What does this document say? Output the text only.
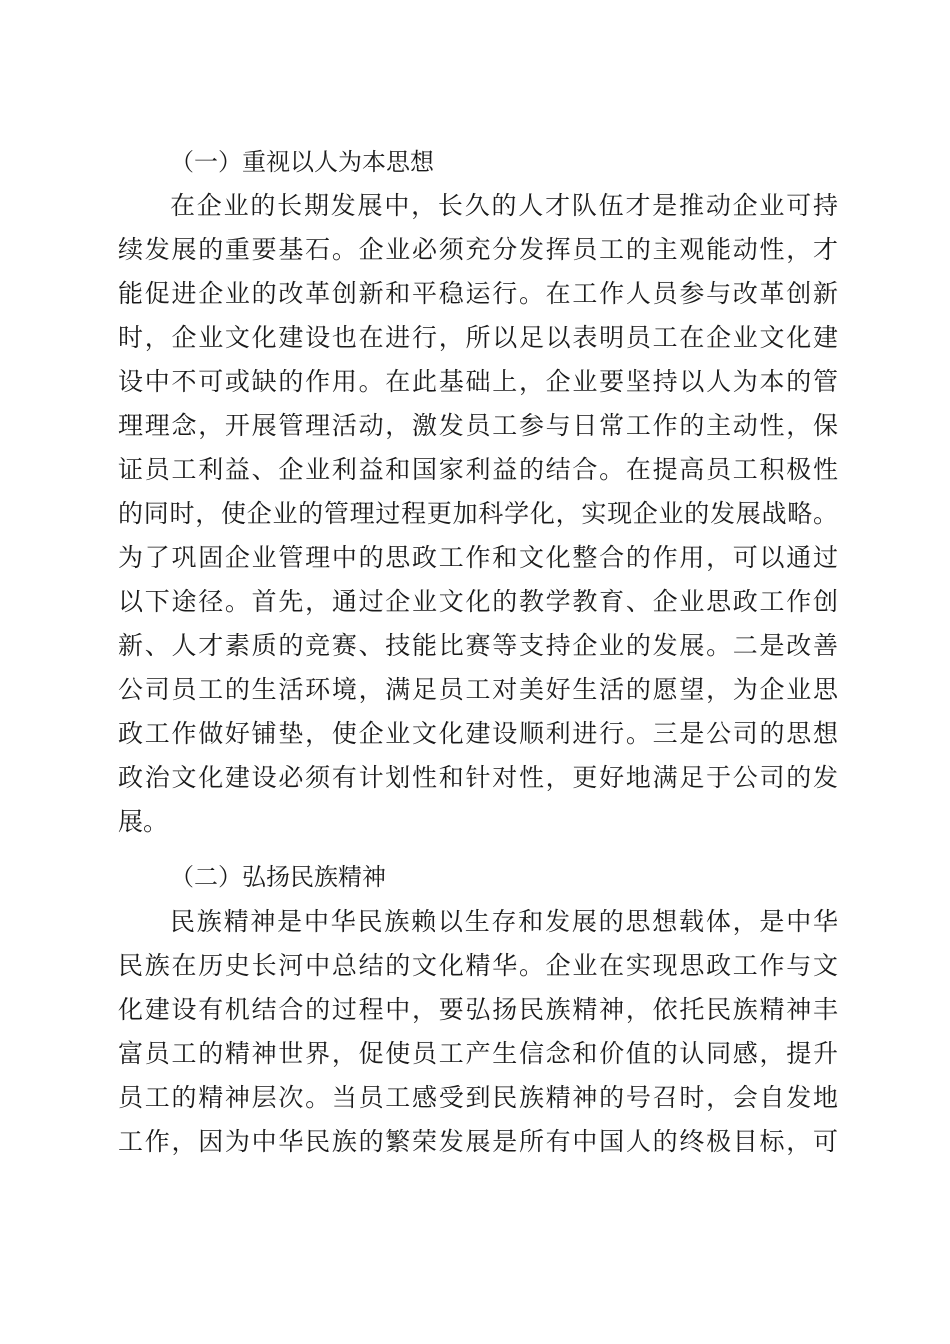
（一）重视以人为本思想
在企业的长期发展中，长久的人才队伍才是推动企业可持
续发展的重要基石。企业必须充分发挥员工的主观能动性，才
能促进企业的改革创新和平稳运行。在工作人员参与改革创新
时，企业文化建设也在进行，所以足以表明员工在企业文化建
设中不可或缺的作用。在此基础上，企业要坚持以人为本的管
理理念，开展管理活动，激发员工参与日常工作的主动性，保
证员工利益、企业利益和国家利益的结合。在提高员工积极性
的同时，使企业的管理过程更加科学化，实现企业的发展战略。
为了巩固企业管理中的思政工作和文化整合的作用，可以通过
以下途径。首先，通过企业文化的教学教育、企业思政工作创
新、人才素质的竞赛、技能比赛等支持企业的发展。二是改善
公司员工的生活环境，满足员工对美好生活的愿望，为企业思
政工作做好铺垫，使企业文化建设顺利进行。三是公司的思想
政治文化建设必须有计划性和针对性，更好地满足于公司的发
展。
（二）弘扬民族精神
民族精神是中华民族赖以生存和发展的思想载体，是中华
民族在历史长河中总结的文化精华。企业在实现思政工作与文
化建设有机结合的过程中，要弘扬民族精神，依托民族精神丰
富员工的精神世界，促使员工产生信念和价值的认同感，提升
员工的精神层次。当员工感受到民族精神的号召时，会自发地
工作，因为中华民族的繁荣发展是所有中国人的终极目标，可
